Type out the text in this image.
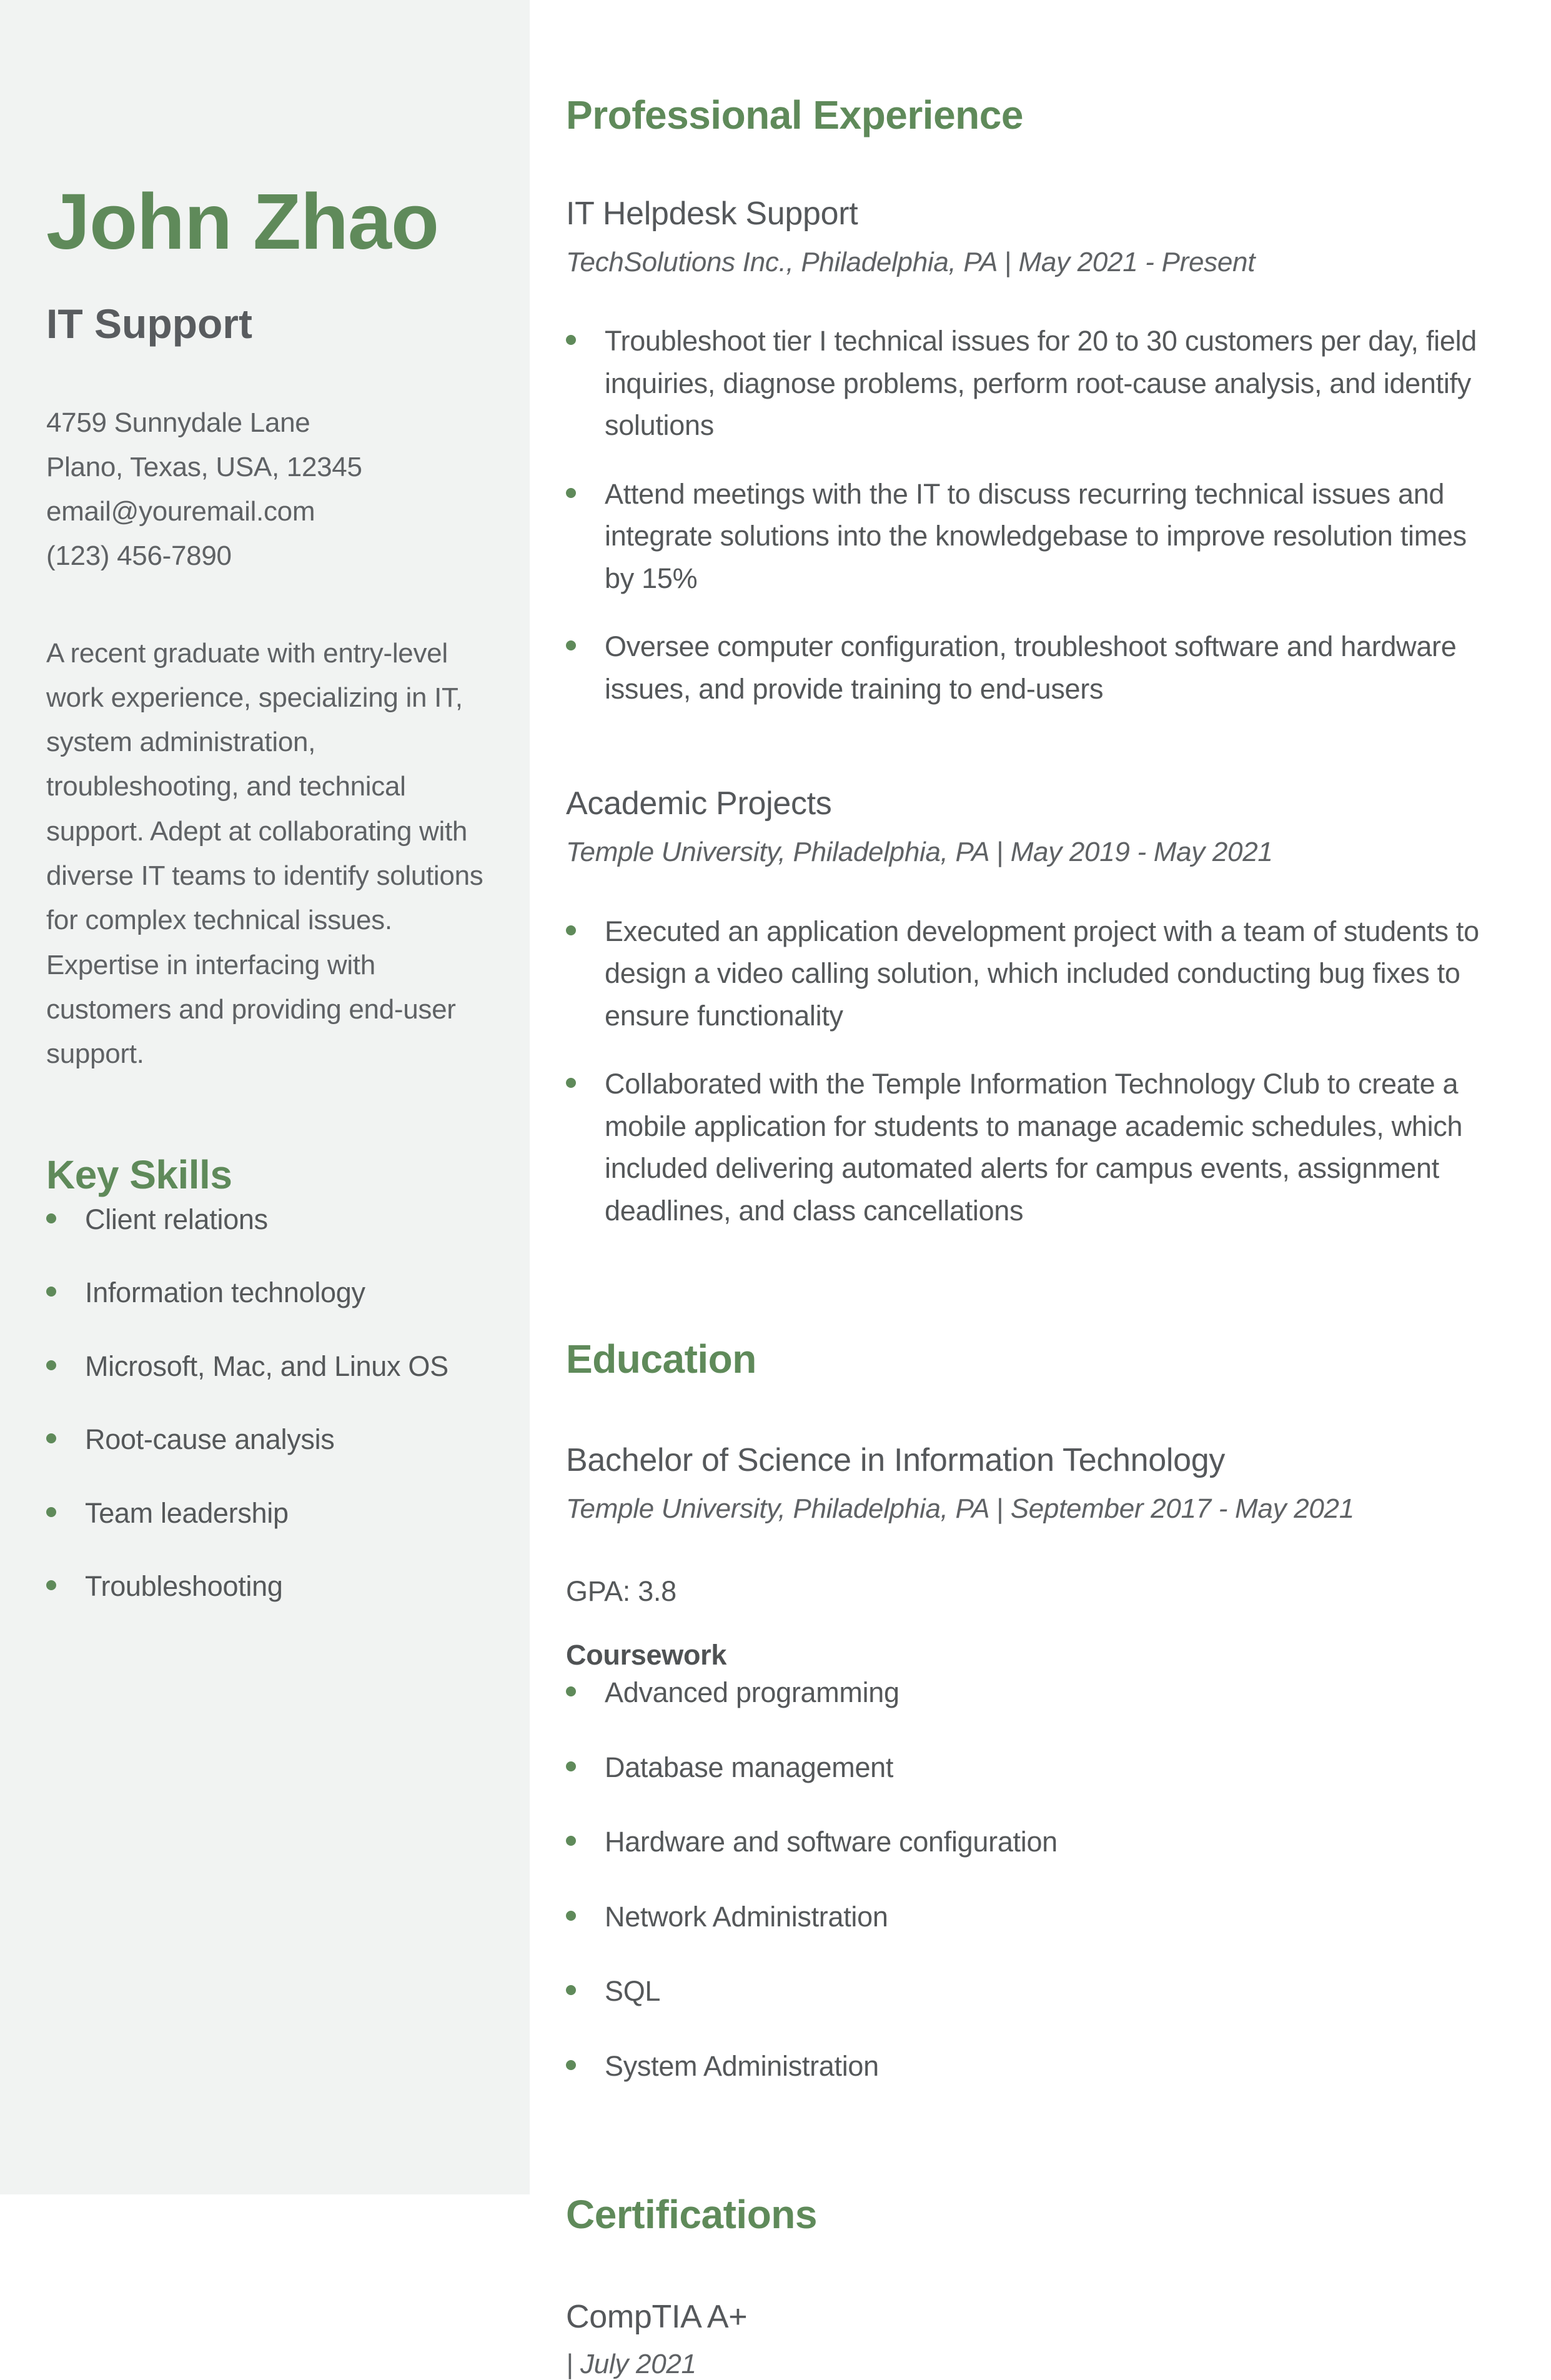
John Zhao
IT Support
4759 Sunnydale Lane
Plano, Texas, USA, 12345
email@youremail.com
(123) 456-7890
A recent graduate with entry-level work experience, specializing in IT, system administration, troubleshooting, and technical support. Adept at collaborating with diverse IT teams to identify solutions for complex technical issues. Expertise in interfacing with customers and providing end-user support.
Key Skills
Client relations
Information technology
Microsoft, Mac, and Linux OS
Root-cause analysis
Team leadership
Troubleshooting
Professional Experience
IT Helpdesk Support
TechSolutions Inc., Philadelphia, PA | May 2021 - Present
Troubleshoot tier I technical issues for 20 to 30 customers per day, field inquiries, diagnose problems, perform root-cause analysis, and identify solutions
Attend meetings with the IT to discuss recurring technical issues and integrate solutions into the knowledgebase to improve resolution times by 15%
Oversee computer configuration, troubleshoot software and hardware issues, and provide training to end-users
Academic Projects
Temple University, Philadelphia, PA | May 2019 - May 2021
Executed an application development project with a team of students to design a video calling solution, which included conducting bug fixes to ensure functionality
Collaborated with the Temple Information Technology Club to create a mobile application for students to manage academic schedules, which included delivering automated alerts for campus events, assignment deadlines, and class cancellations
Education
Bachelor of Science in Information Technology
Temple University, Philadelphia, PA | September 2017 - May 2021
GPA: 3.8
Coursework
Advanced programming
Database management
Hardware and software configuration
Network Administration
SQL
System Administration
Certifications
CompTIA A+
| July 2021
